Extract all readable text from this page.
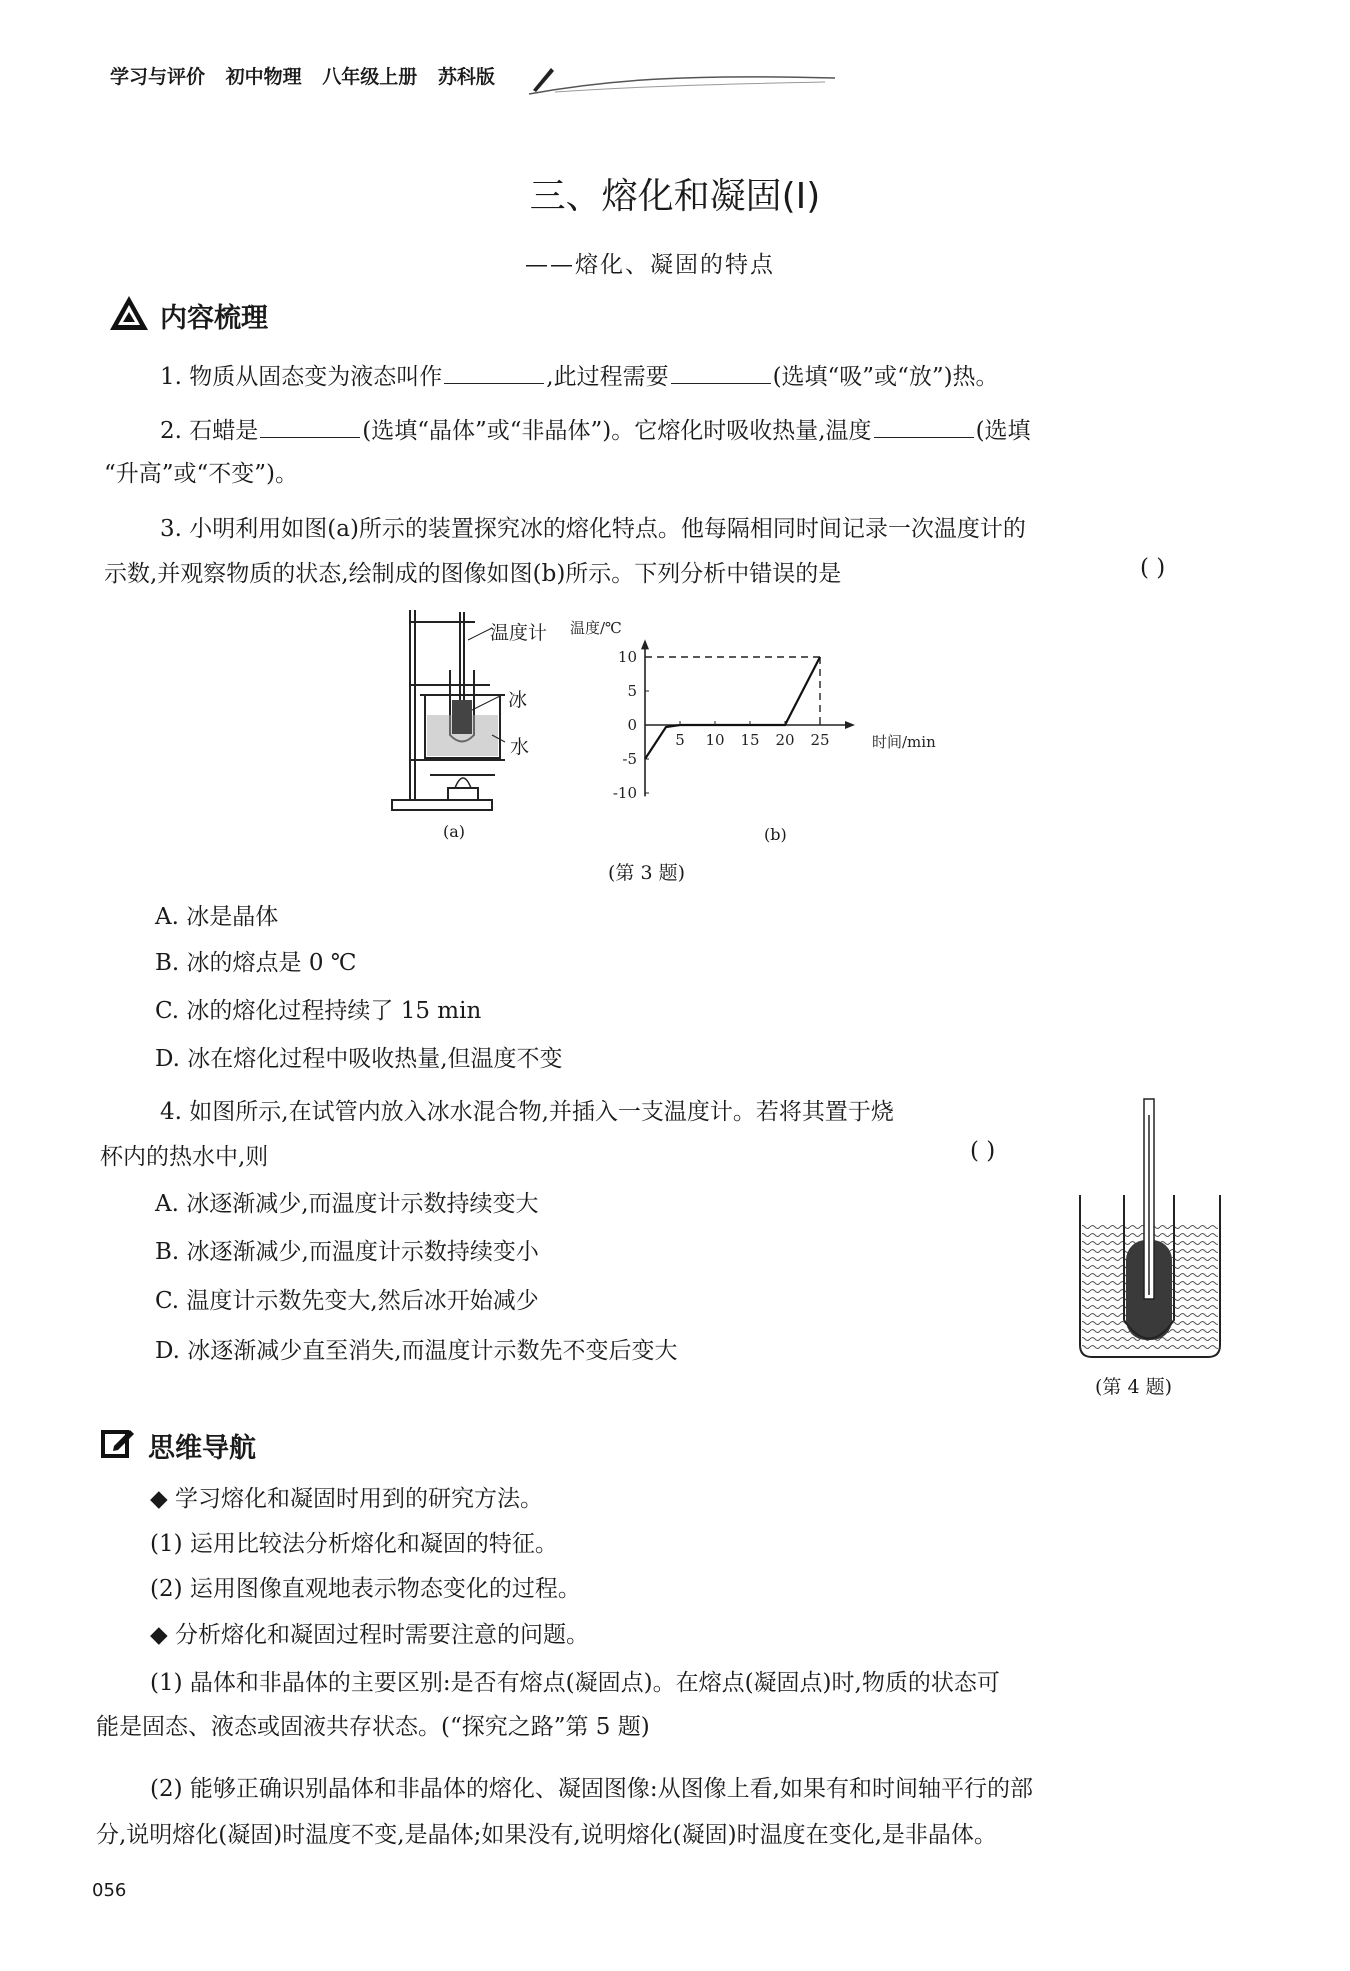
学习与评价 初中物理 八年级上册 苏科版
三、熔化和凝固(Ⅰ)
——熔化、凝固的特点
内容梳理
1. 物质从固态变为液态叫作	,此过程需要	(选填“吸”或“放”)热。
2. 石蜡是	(选填“晶体”或“非晶体”)。它熔化时吸收热量,温度	(选填
“升高”或“不变”)。
3. 小明利用如图(a)所示的装置探究冰的熔化特点。他每隔相同时间记录一次温度计的
示数,并观察物质的状态,绘制成的图像如图(b)所示。下列分析中错误的是	( )
温度计
冰
水
(a)
5 10 15 20 25
10
5
0
-5
-10
温度/℃
时间/min
(b)
(第 3 题)
A. 冰是晶体
B. 冰的熔点是 0 ℃
C. 冰的熔化过程持续了 15 min
D. 冰在熔化过程中吸收热量,但温度不变
4. 如图所示,在试管内放入冰水混合物,并插入一支温度计。若将其置于烧
杯内的热水中,则	( )
A. 冰逐渐减少,而温度计示数持续变大
B. 冰逐渐减少,而温度计示数持续变小
C. 温度计示数先变大,然后冰开始减少
D. 冰逐渐减少直至消失,而温度计示数先不变后变大
(第 4 题)
思维导航
◆ 学习熔化和凝固时用到的研究方法。
(1) 运用比较法分析熔化和凝固的特征。
(2) 运用图像直观地表示物态变化的过程。
◆ 分析熔化和凝固过程时需要注意的问题。
(1) 晶体和非晶体的主要区别:是否有熔点(凝固点)。在熔点(凝固点)时,物质的状态可
能是固态、液态或固液共存状态。(“探究之路”第 5 题)
(2) 能够正确识别晶体和非晶体的熔化、凝固图像:从图像上看,如果有和时间轴平行的部
分,说明熔化(凝固)时温度不变,是晶体;如果没有,说明熔化(凝固)时温度在变化,是非晶体。
056
